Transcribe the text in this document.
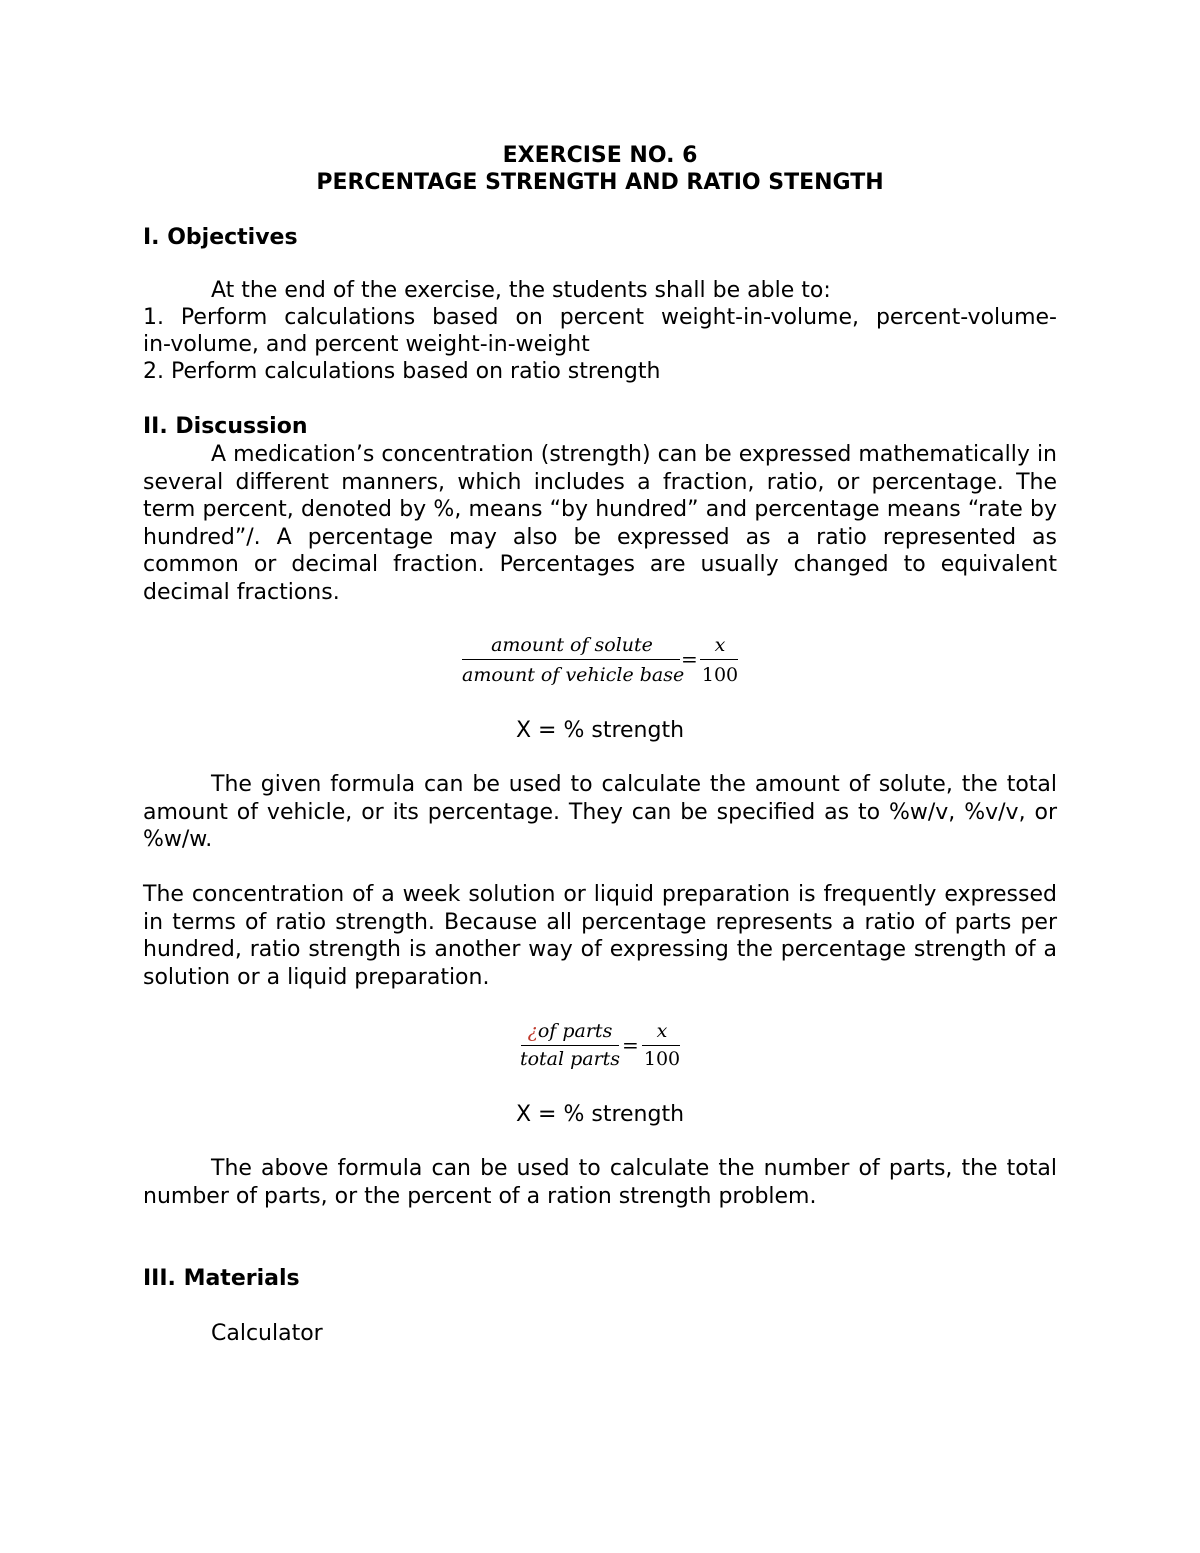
EXERCISE NO. 6
PERCENTAGE STRENGTH AND RATIO STENGTH
I. Objectives
At the end of the exercise, the students shall be able to:
1. Perform calculations based on percent weight-in-volume, percent-volume-
in-volume, and percent weight-in-weight
2. Perform calculations based on ratio strength
II. Discussion
A medication’s concentration (strength) can be expressed mathematically in several different manners, which includes a fraction, ratio, or percentage. The term percent, denoted by %, means “by hundred” and percentage means “rate by hundred”/. A percentage may also be expressed as a ratio represented as common or decimal fraction. Percentages are usually changed to equivalent decimal fractions.
amount of solute
amount of vehicle base
=
x
100
X = % strength
The given formula can be used to calculate the amount of solute, the total amount of vehicle, or its percentage. They can be specified as to %w/v, %v/v, or %w/w.
The concentration of a week solution or liquid preparation is frequently expressed in terms of ratio strength. Because all percentage represents a ratio of parts per hundred, ratio strength is another way of expressing the percentage strength of a solution or a liquid preparation.
¿of parts
total parts
=
x
100
X = % strength
The above formula can be used to calculate the number of parts, the total number of parts, or the percent of a ration strength problem.
III. Materials
Calculator
